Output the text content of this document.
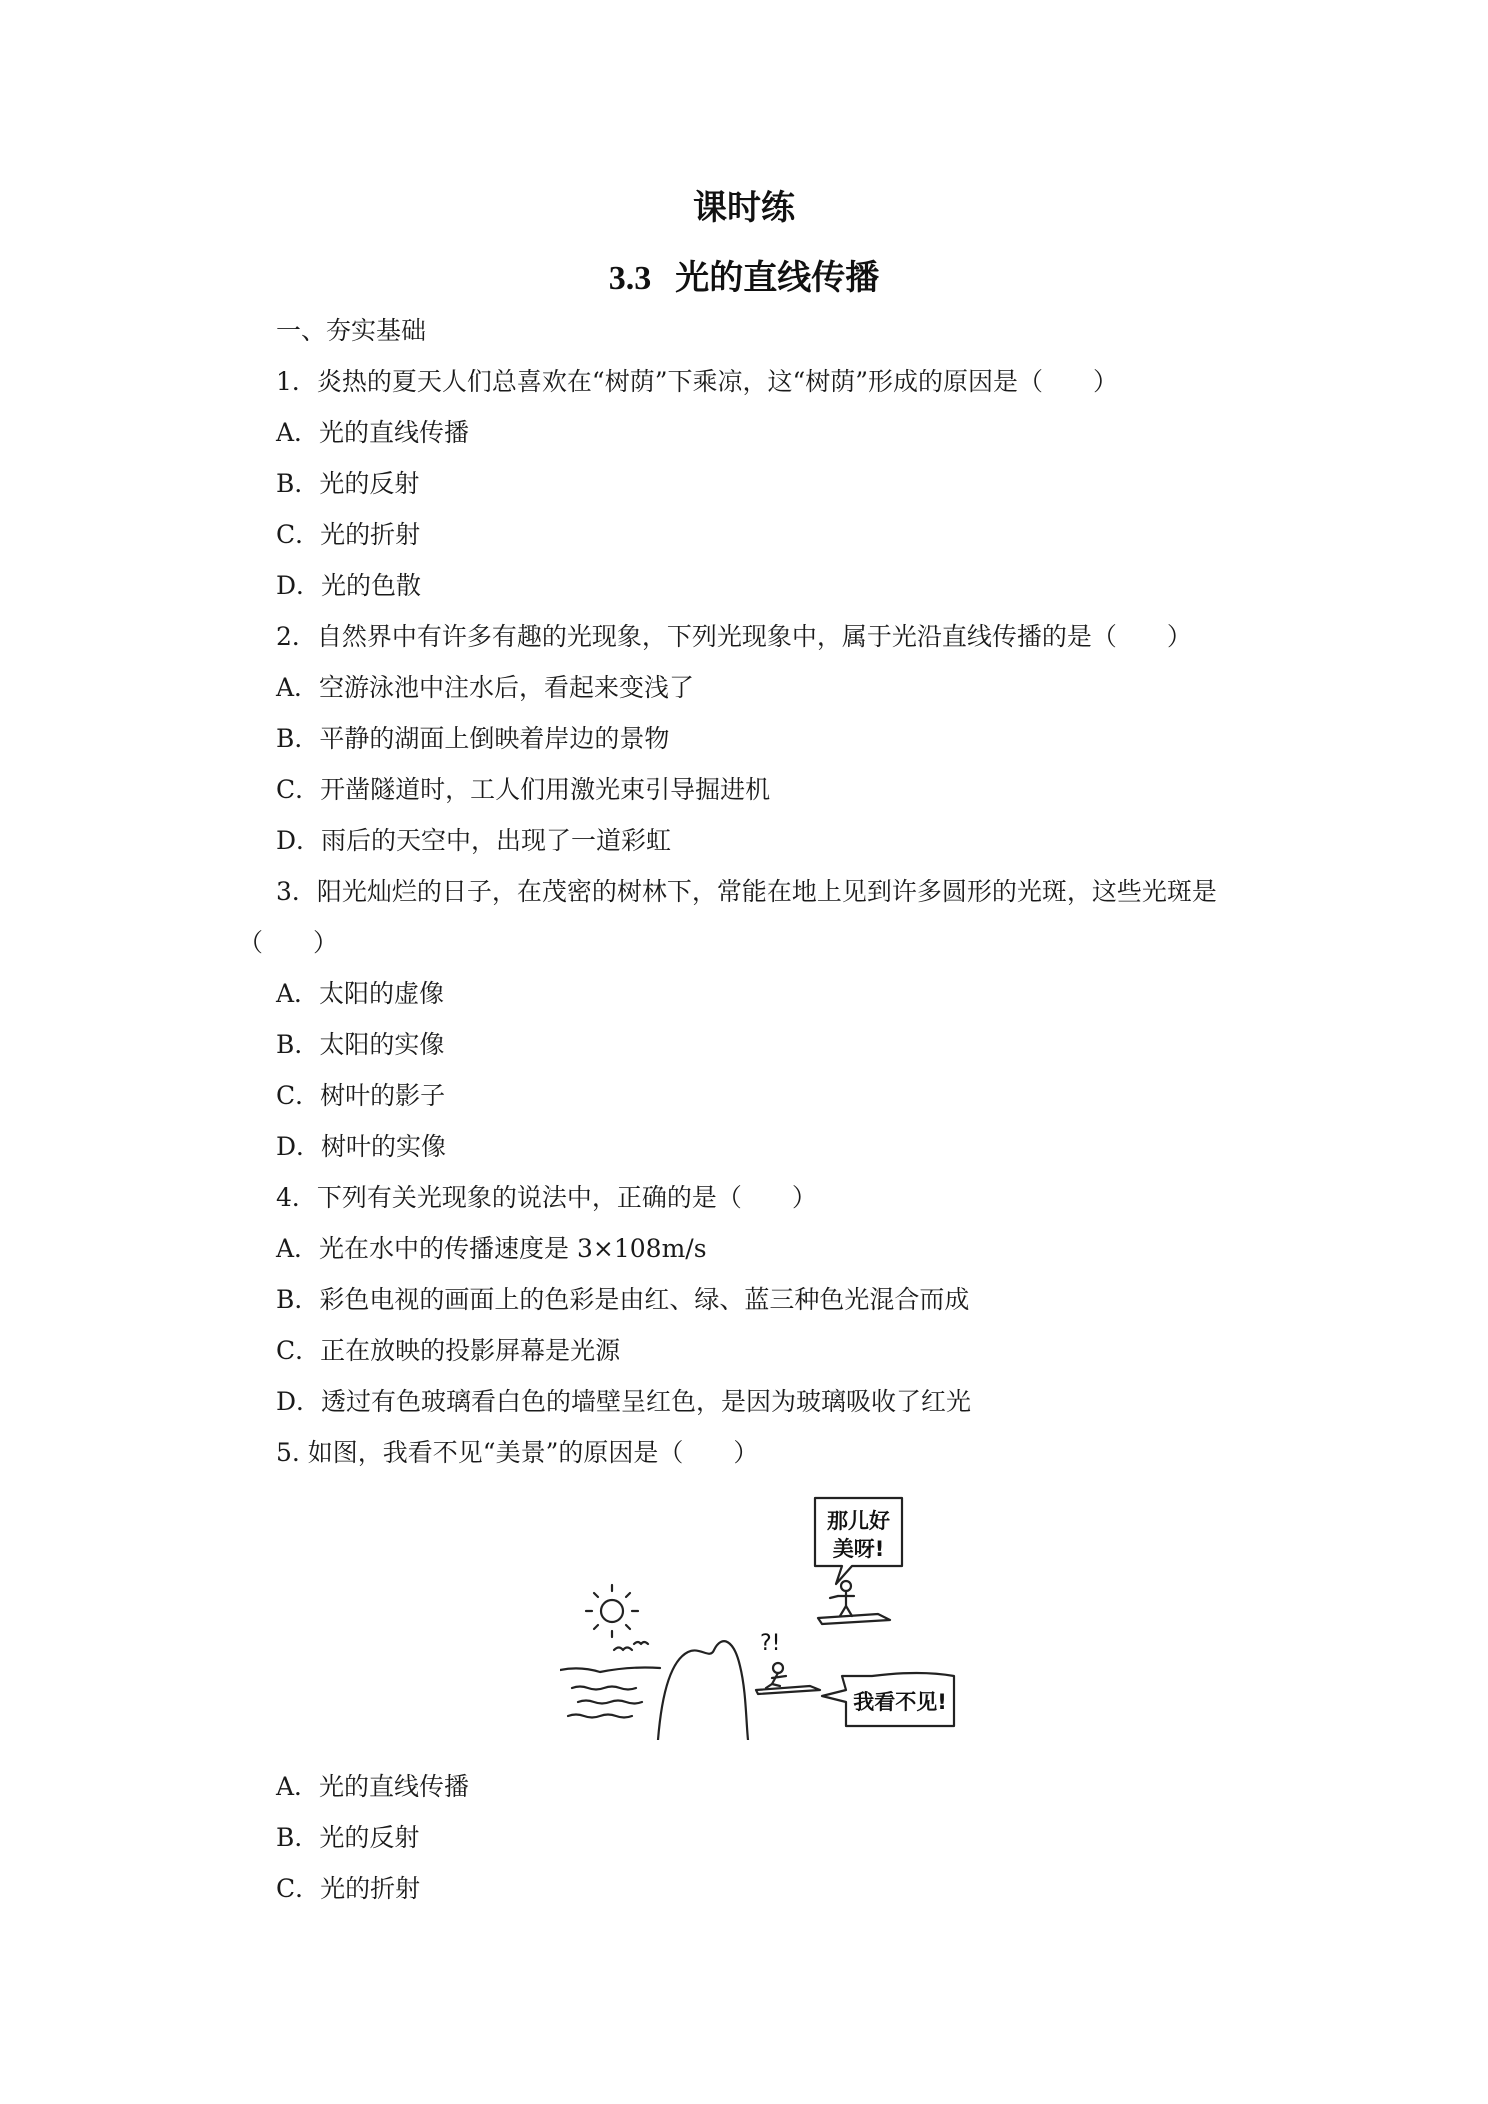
课时练
3.3 光的直线传播
一、夯实基础
1．炎热的夏天人们总喜欢在“树荫”下乘凉，这“树荫”形成的原因是（　　）
A．光的直线传播
B．光的反射
C．光的折射
D．光的色散
2．自然界中有许多有趣的光现象，下列光现象中，属于光沿直线传播的是（　　）
A．空游泳池中注水后，看起来变浅了
B．平静的湖面上倒映着岸边的景物
C．开凿隧道时，工人们用激光束引导掘进机
D．雨后的天空中，出现了一道彩虹
3．阳光灿烂的日子，在茂密的树林下，常能在地上见到许多圆形的光斑，这些光斑是
（　　）
A．太阳的虚像
B．太阳的实像
C．树叶的影子
D．树叶的实像
4．下列有关光现象的说法中，正确的是（　　）
A．光在水中的传播速度是 3×108m/s
B．彩色电视的画面上的色彩是由红、绿、蓝三种色光混合而成
C．正在放映的投影屏幕是光源
D．透过有色玻璃看白色的墙壁呈红色，是因为玻璃吸收了红光
5. 如图，我看不见“美景”的原因是（　　）
那儿好
美呀!
我看不见!
?!
A．光的直线传播
B．光的反射
C．光的折射
